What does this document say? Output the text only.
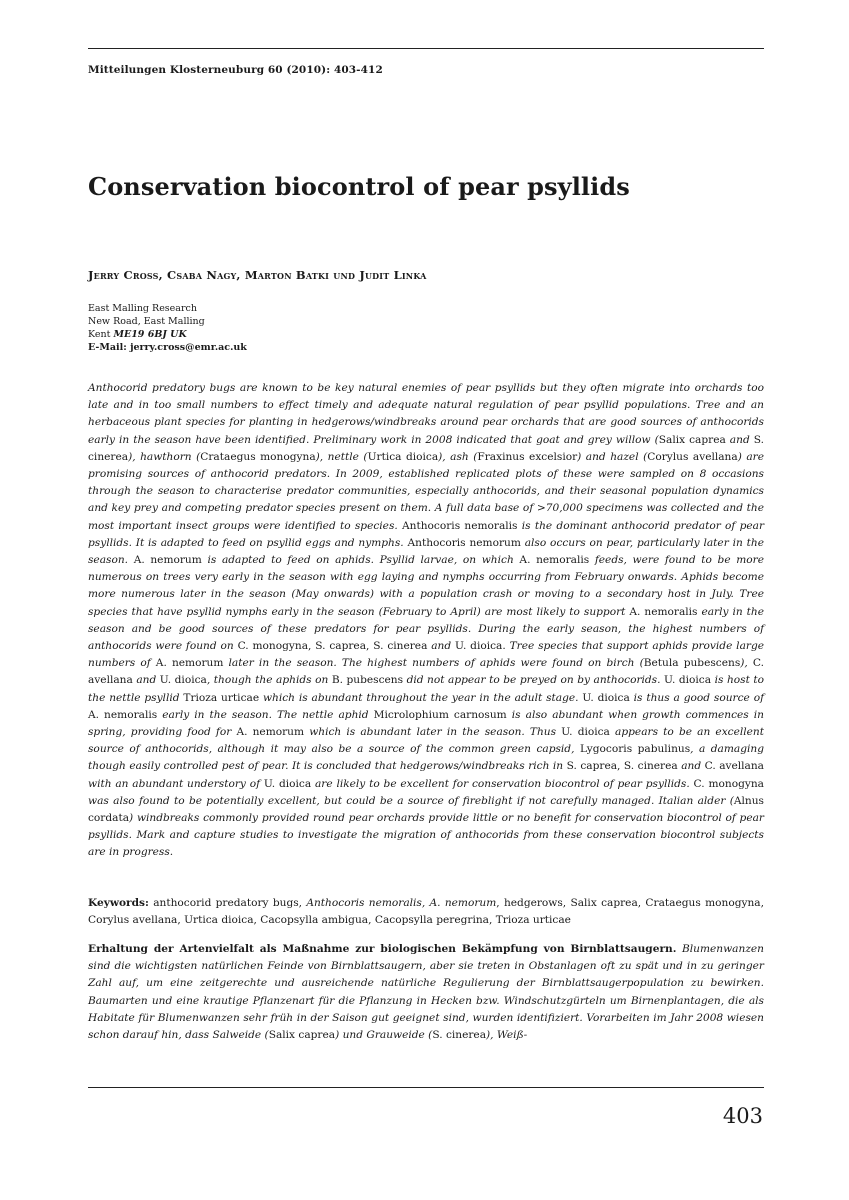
Mitteilungen Klosterneuburg 60 (2010): 403-412
Conservation biocontrol of pear psyllids
Jerry Cross, Csaba Nagy, Marton Batki und Judit Linka
East Malling Research
New Road, East Malling
Kent ME19 6BJ UK
E-Mail: jerry.cross@emr.ac.uk

Anthocorid predatory bugs are known to be key natural enemies of pear psyllids but they often migrate into orchards too late and in too small numbers to effect timely and adequate natural regulation of pear psyllid populations. Tree and an herbaceous plant species for planting in hedgerows/windbreaks around pear orchards that are good sources of anthocorids early in the season have been identified. Preliminary work in 2008 indicated that goat and grey willow (Salix caprea and S. cinerea), hawthorn (Crataegus monogyna), nettle (Urtica dioica), ash (Fraxinus excelsior) and hazel (Corylus avellana) are promising sources of anthocorid predators. In 2009, established replicated plots of these were sampled on 8 occasions through the season to characterise predator communities, especially anthocorids, and their seasonal population dynamics and key prey and competing predator species present on them. A full data base of >70,000 specimens was collected and the most important insect groups were identified to species. Anthocoris nemoralis is the dominant anthocorid predator of pear psyllids. It is adapted to feed on psyllid eggs and nymphs. Anthocoris nemorum also occurs on pear, particularly later in the season. A. nemorum is adapted to feed on aphids. Psyllid larvae, on which A. nemoralis feeds, were found to be more numerous on trees very early in the season with egg laying and nymphs occurring from February onwards. Aphids become more numerous later in the season (May onwards) with a population crash or moving to a secondary host in July. Tree species that have psyllid nymphs early in the season (February to April) are most likely to support A. nemoralis early in the season and be good sources of these predators for pear psyllids. During the early season, the highest numbers of anthocorids were found on C. monogyna, S. caprea, S. cinerea and U. dioica. Tree species that support aphids provide large numbers of A. nemorum later in the season. The highest numbers of aphids were found on birch (Betula pubescens), C. avellana and U. dioica, though the aphids on B. pubescens did not appear to be preyed on by anthocorids. U. dioica is host to the nettle psyllid Trioza urticae which is abundant throughout the year in the adult stage. U. dioica is thus a good source of A. nemoralis early in the season. The nettle aphid Microlophium carnosum is also abundant when growth commences in spring, providing food for A. nemorum which is abundant later in the season. Thus U. dioica appears to be an excellent source of anthocorids, although it may also be a source of the common green capsid, Lygocoris pabulinus, a damaging though easily controlled pest of pear. It is concluded that hedgerows/windbreaks rich in S. caprea, S. cinerea and C. avellana with an abundant understory of U. dioica are likely to be excellent for conservation biocontrol of pear psyllids. C. monogyna was also found to be potentially excellent, but could be a source of fireblight if not carefully managed. Italian alder (Alnus cordata) windbreaks commonly provided round pear orchards provide little or no benefit for conservation biocontrol of pear psyllids. Mark and capture studies to investigate the migration of anthocorids from these conservation biocontrol subjects are in progress.

Keywords: anthocorid predatory bugs, Anthocoris nemoralis, A. nemorum, hedgerows, Salix caprea, Crataegus monogyna, Corylus avellana, Urtica dioica, Cacopsylla ambigua, Cacopsylla peregrina, Trioza urticae

Erhaltung der Artenvielfalt als Maßnahme zur biologischen Bekämpfung von Birnblattsaugern. Blumenwanzen sind die wichtigsten natürlichen Feinde von Birnblattsaugern, aber sie treten in Obstanlagen oft zu spät und in zu geringer Zahl auf, um eine zeitgerechte und ausreichende natürliche Regulierung der Birnblattsaugerpopulation zu bewirken. Baumarten und eine krautige Pflanzenart für die Pflanzung in Hecken bzw. Windschutzgürteln um Birnenplantagen, die als Habitate für Blumenwanzen sehr früh in der Saison gut geeignet sind, wurden identifiziert. Vorarbeiten im Jahr 2008 wiesen schon darauf hin, dass Salweide (Salix caprea) und Grauweide (S. cinerea), Weiß-

403
